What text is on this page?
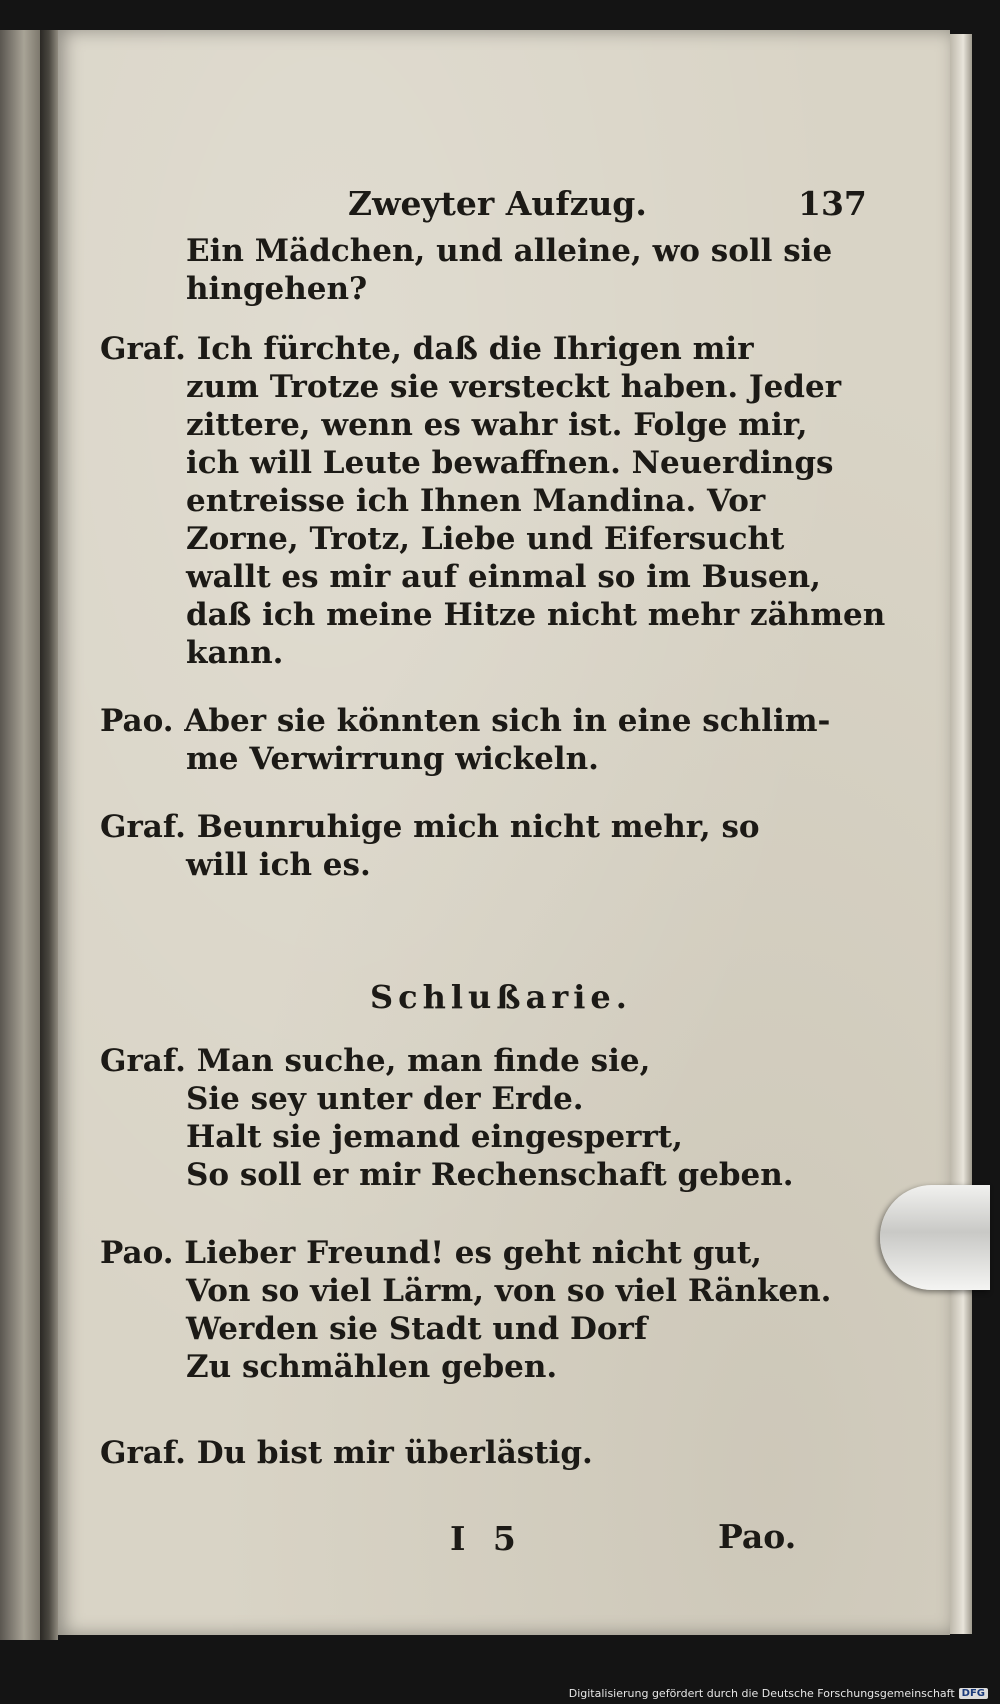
Zweyter Aufzug.	137
Ein Mädchen, und alleine, wo soll sie
hingehen?
Graf. Ich fürchte, daß die Ihrigen mir
zum Trotze sie versteckt haben. Jeder
zittere, wenn es wahr ist. Folge mir,
ich will Leute bewaffnen. Neuerdings
entreisse ich Ihnen Mandina. Vor
Zorne, Trotz, Liebe und Eifersucht
wallt es mir auf einmal so im Busen,
daß ich meine Hitze nicht mehr zähmen
kann.
Pao. Aber sie könnten sich in eine schlim-
me Verwirrung wickeln.
Graf. Beunruhige mich nicht mehr, so
will ich es.
Schlußarie.
Graf. Man suche, man finde sie,
Sie sey unter der Erde.
Halt sie jemand eingesperrt,
So soll er mir Rechenschaft geben.
Pao. Lieber Freund! es geht nicht gut,
Von so viel Lärm, von so viel Ränken.
Werden sie Stadt und Dorf
Zu schmählen geben.
Graf. Du bist mir überlästig.
I 5	Pao.
Digitalisierung gefördert durch die Deutsche Forschungsgemeinschaft DFG
